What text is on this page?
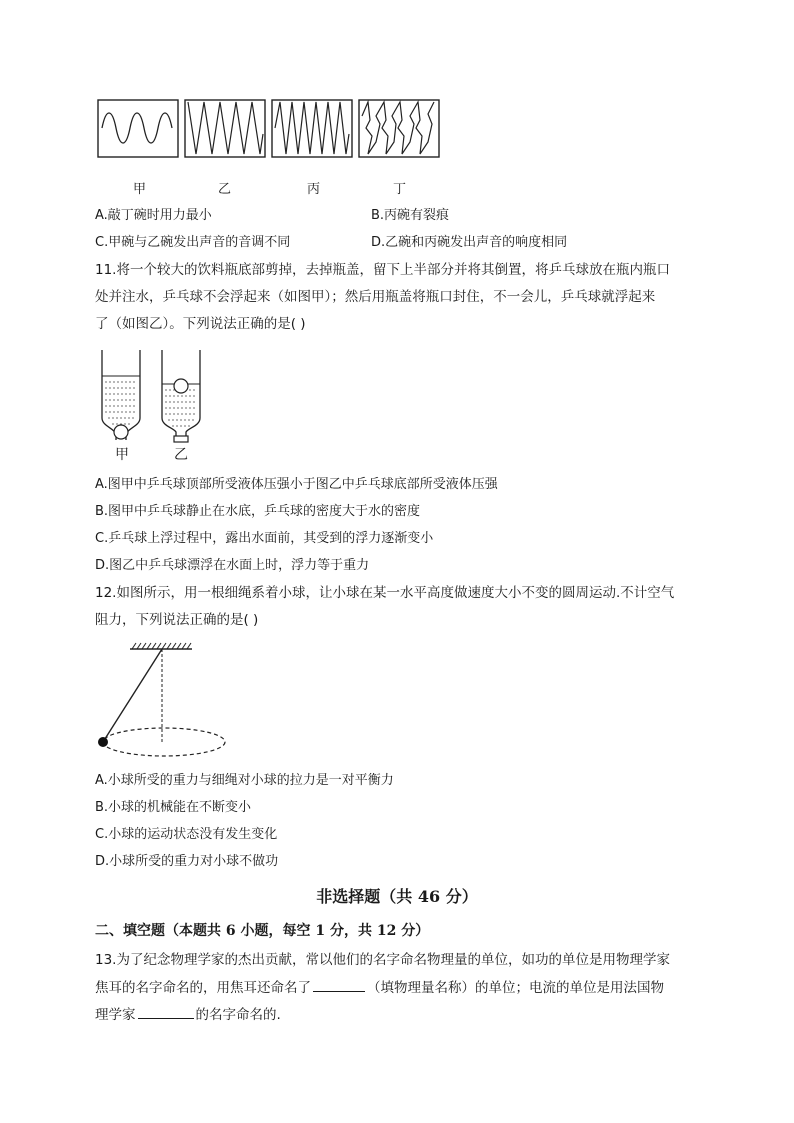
甲	乙	丙	丁
A.敲丁碗时用力最小	B.丙碗有裂痕
C.甲碗与乙碗发出声音的音调不同	D.乙碗和丙碗发出声音的响度相同
11.将一个较大的饮料瓶底部剪掉，去掉瓶盖，留下上半部分并将其倒置，将乒乓球放在瓶内瓶口
处并注水，乒乓球不会浮起来（如图甲）；然后用瓶盖将瓶口封住，不一会儿，乒乓球就浮起来
了（如图乙）。下列说法正确的是( )
甲	乙
A.图甲中乒乓球顶部所受液体压强小于图乙中乒乓球底部所受液体压强
B.图甲中乒乓球静止在水底，乒乓球的密度大于水的密度
C.乒乓球上浮过程中，露出水面前，其受到的浮力逐渐变小
D.图乙中乒乓球漂浮在水面上时，浮力等于重力
12.如图所示，用一根细绳系着小球，让小球在某一水平高度做速度大小不变的圆周运动.不计空气
阻力，下列说法正确的是( )
A.小球所受的重力与细绳对小球的拉力是一对平衡力
B.小球的机械能在不断变小
C.小球的运动状态没有发生变化
D.小球所受的重力对小球不做功
非选择题（共 46 分）
二、填空题（本题共 6 小题，每空 1 分，共 12 分）
13.为了纪念物理学家的杰出贡献，常以他们的名字命名物理量的单位，如功的单位是用物理学家
焦耳的名字命名的，用焦耳还命名了	（填物理量名称）的单位；电流的单位是用法国物
理学家	的名字命名的.
